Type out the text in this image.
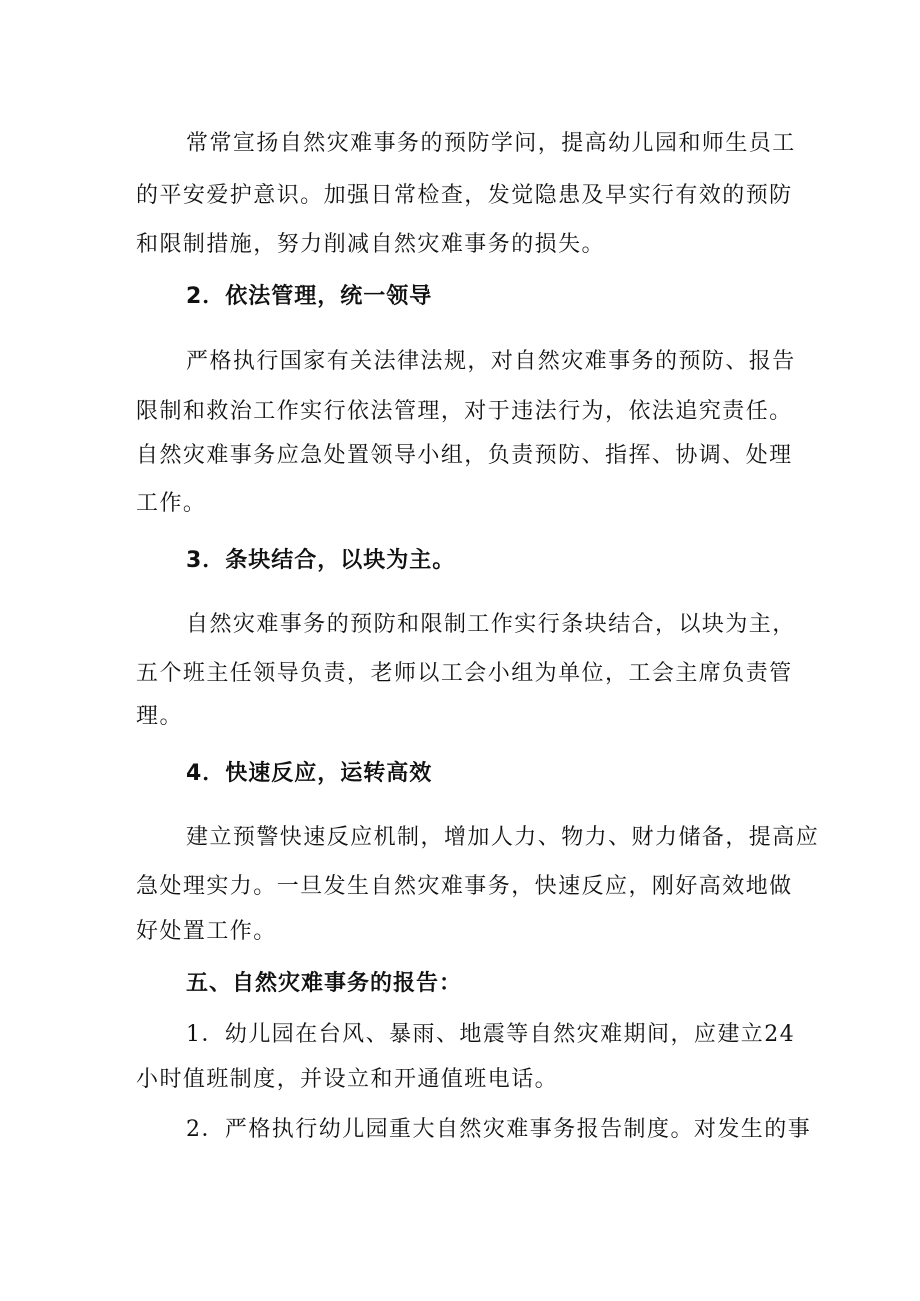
常常宣扬自然灾难事务的预防学问，提高幼儿园和师生员工
的平安爱护意识。加强日常检查，发觉隐患及早实行有效的预防
和限制措施，努力削减自然灾难事务的损失。
2．依法管理，统一领导
严格执行国家有关法律法规，对自然灾难事务的预防、报告
限制和救治工作实行依法管理，对于违法行为，依法追究责任。
自然灾难事务应急处置领导小组，负责预防、指挥、协调、处理
工作。
3．条块结合，以块为主。
自然灾难事务的预防和限制工作实行条块结合，以块为主，
五个班主任领导负责，老师以工会小组为单位，工会主席负责管
理。
4．快速反应，运转高效
建立预警快速反应机制，增加人力、物力、财力储备，提高应
急处理实力。一旦发生自然灾难事务，快速反应，刚好高效地做
好处置工作。
五、自然灾难事务的报告：
1．幼儿园在台风、暴雨、地震等自然灾难期间，应建立24
小时值班制度，并设立和开通值班电话。
2．严格执行幼儿园重大自然灾难事务报告制度。对发生的事
